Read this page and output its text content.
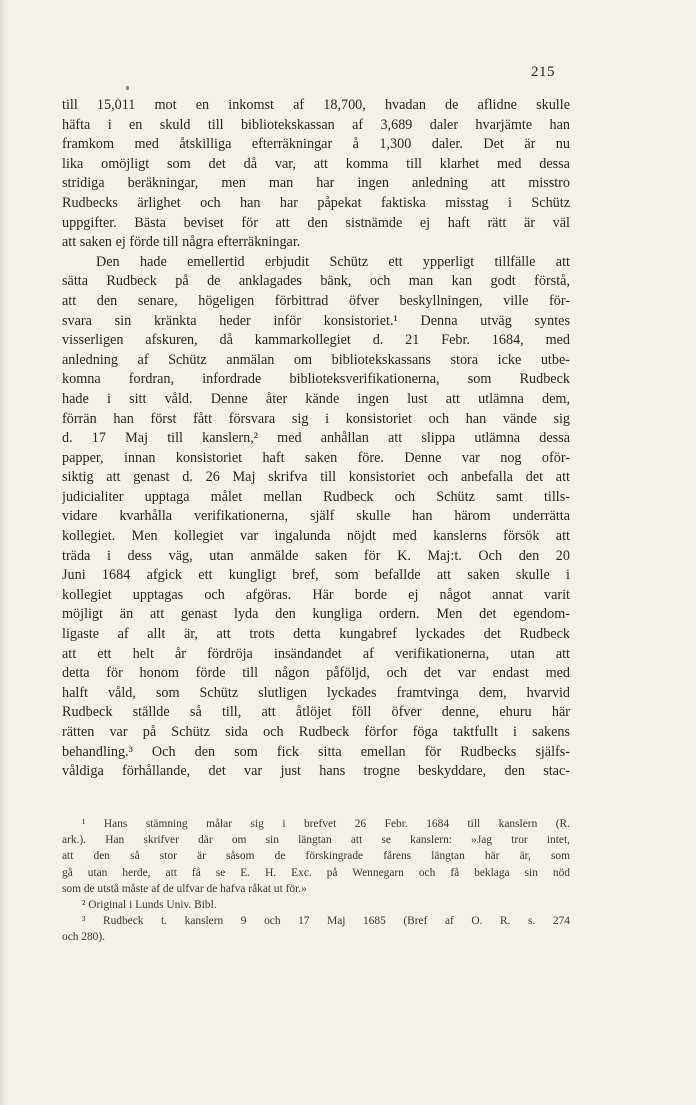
215
till 15,011 mot en inkomst af 18,700, hvadan de aflidne skulle
häfta i en skuld till bibliotekskassan af 3,689 daler hvarjämte han
framkom med åtskilliga efterräkningar å 1,300 daler. Det är nu
lika omöjligt som det då var, att komma till klarhet med dessa
stridiga beräkningar, men man har ingen anledning att misstro
Rudbecks ärlighet och han har påpekat faktiska misstag i Schütz
uppgifter. Bästa beviset för att den sistnämde ej haft rätt är väl
att saken ej förde till några efterräkningar.
Den hade emellertid erbjudit Schütz ett ypperligt tillfälle att
sätta Rudbeck på de anklagades bänk, och man kan godt förstå,
att den senare, högeligen förbittrad öfver beskyllningen, ville för-
svara sin kränkta heder inför konsistoriet.¹ Denna utväg syntes
visserligen afskuren, då kammarkollegiet d. 21 Febr. 1684, med
anledning af Schütz anmälan om bibliotekskassans stora icke utbe-
komna fordran, infordrade biblioteksverifikationerna, som Rudbeck
hade i sitt våld. Denne åter kände ingen lust att utlämna dem,
förrän han först fått försvara sig i konsistoriet och han vände sig
d. 17 Maj till kanslern,² med anhållan att slippa utlämna dessa
papper, innan konsistoriet haft saken före. Denne var nog oför-
siktig att genast d. 26 Maj skrifva till konsistoriet och anbefalla det att
judicialiter upptaga målet mellan Rudbeck och Schütz samt tills-
vidare kvarhålla verifikationerna, själf skulle han härom underrätta
kollegiet. Men kollegiet var ingalunda nöjdt med kanslerns försök att
träda i dess väg, utan anmälde saken för K. Maj:t. Och den 20
Juni 1684 afgick ett kungligt bref, som befallde att saken skulle i
kollegiet upptagas och afgöras. Här borde ej något annat varit
möjligt än att genast lyda den kungliga ordern. Men det egendom-
ligaste af allt är, att trots detta kungabref lyckades det Rudbeck
att ett helt år fördröja insändandet af verifikationerna, utan att
detta för honom förde till någon påföljd, och det var endast med
halft våld, som Schütz slutligen lyckades framtvinga dem, hvarvid
Rudbeck ställde så till, att åtlöjet föll öfver denne, ehuru här
rätten var på Schütz sida och Rudbeck förfor föga taktfullt i sakens
behandling.³ Och den som fick sitta emellan för Rudbecks själfs-
våldiga förhållande, det var just hans trogne beskyddare, den stac-
¹ Hans stämning målar sig i brefvet 26 Febr. 1684 till kanslern (R.
ark.). Han skrifver där om sin längtan att se kanslern: »Jag tror intet,
att den så stor är såsom de förskingrade fårens längtan här är, som
gå utan herde, att få se E. H. Exc. på Wennegarn och få beklaga sin nöd
som de utstå måste af de ulfvar de hafva råkat ut för.»
² Original i Lunds Univ. Bibl.
³ Rudbeck t. kanslern 9 och 17 Maj 1685 (Bref af O. R. s. 274
och 280).
